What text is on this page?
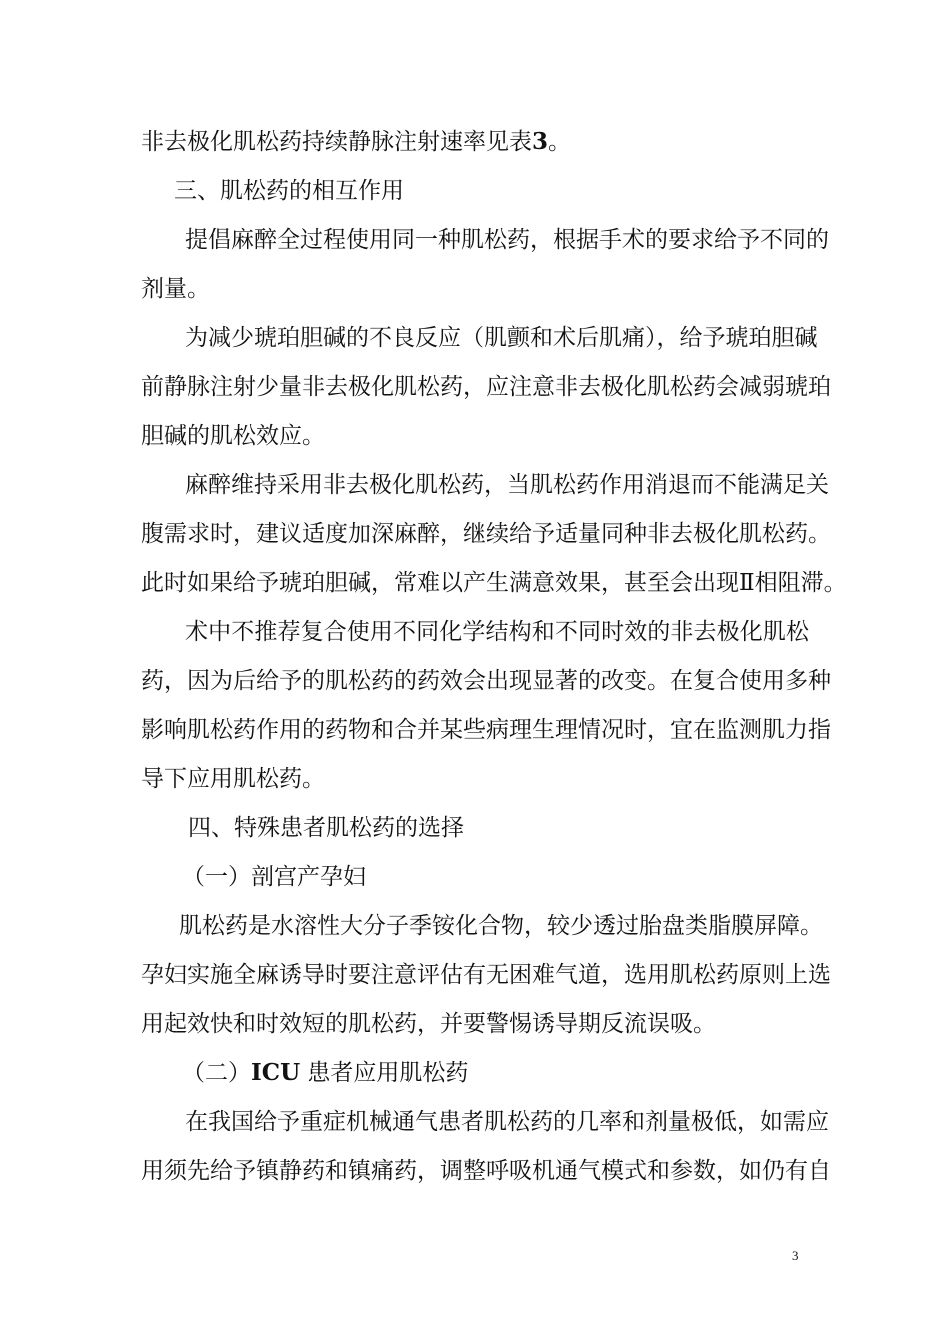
非去极化肌松药持续静脉注射速率见表3。
三、肌松药的相互作用
提倡麻醉全过程使用同一种肌松药，根据手术的要求给予不同的
剂量。
为减少琥珀胆碱的不良反应（肌颤和术后肌痛），给予琥珀胆碱
前静脉注射少量非去极化肌松药，应注意非去极化肌松药会减弱琥珀
胆碱的肌松效应。
麻醉维持采用非去极化肌松药，当肌松药作用消退而不能满足关
腹需求时，建议适度加深麻醉，继续给予适量同种非去极化肌松药。
此时如果给予琥珀胆碱，常难以产生满意效果，甚至会出现Ⅱ相阻滞。
术中不推荐复合使用不同化学结构和不同时效的非去极化肌松
药，因为后给予的肌松药的药效会出现显著的改变。在复合使用多种
影响肌松药作用的药物和合并某些病理生理情况时，宜在监测肌力指
导下应用肌松药。
四、特殊患者肌松药的选择
（一）剖宫产孕妇
肌松药是水溶性大分子季铵化合物，较少透过胎盘类脂膜屏障。
孕妇实施全麻诱导时要注意评估有无困难气道，选用肌松药原则上选
用起效快和时效短的肌松药，并要警惕诱导期反流误吸。
（二）ICU 患者应用肌松药
在我国给予重症机械通气患者肌松药的几率和剂量极低，如需应
用须先给予镇静药和镇痛药，调整呼吸机通气模式和参数，如仍有自
3
